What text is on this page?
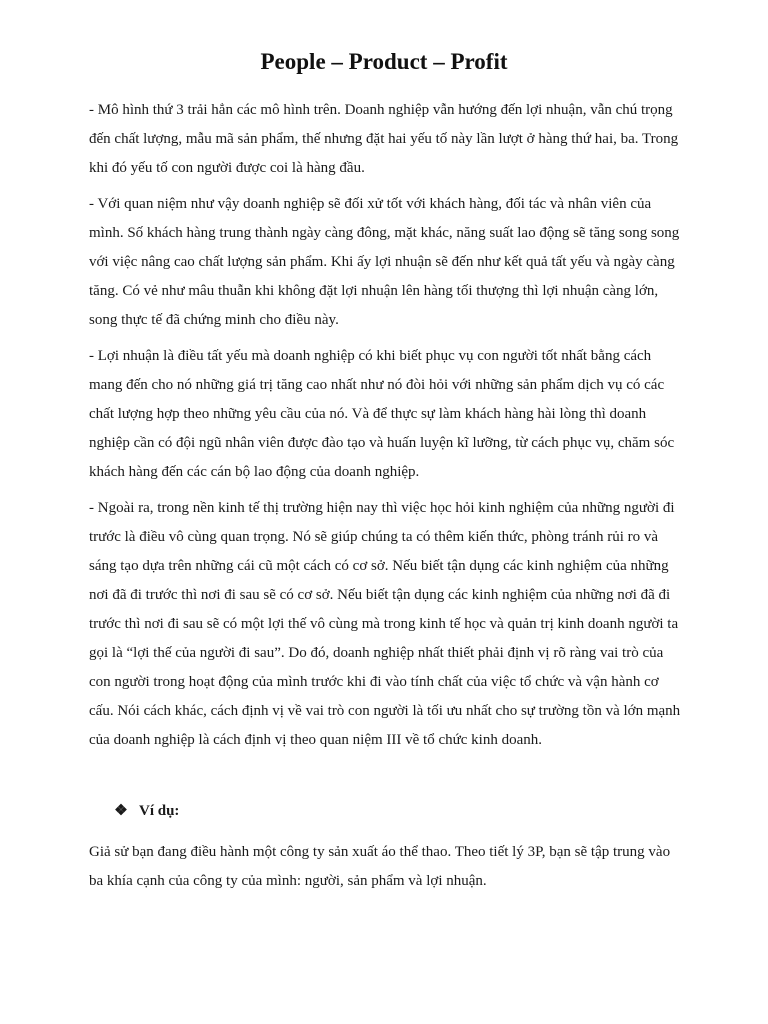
People – Product – Profit

- Mô hình thứ 3 trải hẳn các mô hình trên. Doanh nghiệp vẫn hướng đến lợi nhuận, vẫn chú trọng đến chất lượng, mẫu mã sản phẩm, thế nhưng đặt hai yếu tố này lần lượt ở hàng thứ hai, ba. Trong khi đó yếu tố con người được coi là hàng đầu.

- Với quan niệm như vậy doanh nghiệp sẽ đối xử tốt với khách hàng, đối tác và nhân viên của mình. Số khách hàng trung thành ngày càng đông, mặt khác, năng suất lao động sẽ tăng song song với việc nâng cao chất lượng sản phẩm. Khi ấy lợi nhuận sẽ đến như kết quả tất yếu và ngày càng tăng. Có vẻ như mâu thuẫn khi không đặt lợi nhuận lên hàng tối thượng thì lợi nhuận càng lớn, song thực tế đã chứng minh cho điều này.

- Lợi nhuận là điều tất yếu mà doanh nghiệp có khi biết phục vụ con người tốt nhất bằng cách mang đến cho nó những giá trị tăng cao nhất như nó đòi hỏi với những sản phẩm dịch vụ có các chất lượng hợp theo những yêu cầu của nó. Và để thực sự làm khách hàng hài lòng thì doanh nghiệp cần có đội ngũ nhân viên được đào tạo và huấn luyện kĩ lưỡng, từ cách phục vụ, chăm sóc khách hàng đến các cán bộ lao động của doanh nghiệp.

- Ngoài ra, trong nền kinh tế thị trường hiện nay thì việc học hỏi kinh nghiệm của những người đi trước là điều vô cùng quan trọng. Nó sẽ giúp chúng ta có thêm kiến thức, phòng tránh rủi ro và sáng tạo dựa trên những cái cũ một cách có cơ sở. Nếu biết tận dụng các kinh nghiệm của những nơi đã đi trước thì nơi đi sau sẽ có cơ sở. Nếu biết tận dụng các kinh nghiệm của những nơi đã đi trước thì nơi đi sau sẽ có một lợi thế vô cùng mà trong kinh tế học và quản trị kinh doanh người ta gọi là “lợi thế của người đi sau”. Do đó, doanh nghiệp nhất thiết phải định vị rõ ràng vai trò của con người trong hoạt động của mình trước khi đi vào tính chất của việc tổ chức và vận hành cơ cấu. Nói cách khác, cách định vị về vai trò con người là tối ưu nhất cho sự trường tồn và lớn mạnh của doanh nghiệp là cách định vị theo quan niệm III về tổ chức kinh doanh.

❖ Ví dụ:

Giả sử bạn đang điều hành một công ty sản xuất áo thể thao. Theo tiết lý 3P, bạn sẽ tập trung vào ba khía cạnh của công ty của mình: người, sản phẩm và lợi nhuận.
